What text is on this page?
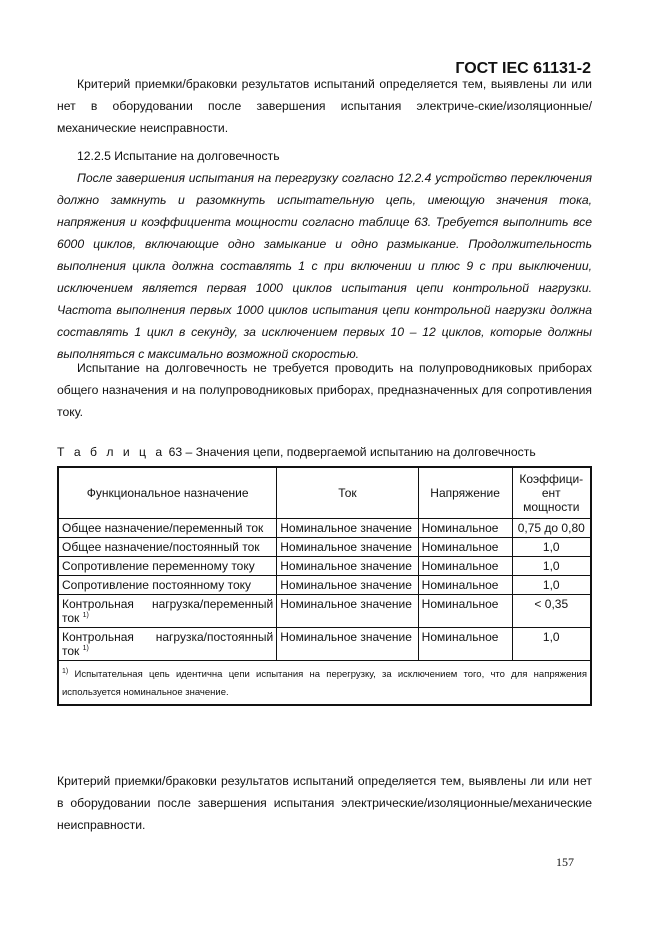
ГОСТ IEC 61131-2
Критерий приемки/браковки результатов испытаний определяется тем, выявлены ли или нет в оборудовании после завершения испытания электриче-ские/изоляционные/механические неисправности.
12.2.5 Испытание на долговечность
После завершения испытания на перегрузку согласно 12.2.4 устройство переключения должно замкнуть и разомкнуть испытательную цепь, имеющую значения тока, напряжения и коэффициента мощности согласно таблице 63. Требуется выполнить все 6000 циклов, включающие одно замыкание и одно размыкание. Продолжительность выполнения цикла должна составлять 1 с при включении и плюс 9 с при выключении, исключением является первая 1000 циклов испытания цепи контрольной нагрузки. Частота выполнения первых 1000 циклов испытания цепи контрольной нагрузки должна составлять 1 цикл в секунду, за исключением первых 10 – 12 циклов, которые должны выполняться с максимально возможной скоростью.
Испытание на долговечность не требуется проводить на полупроводниковых приборах общего назначения и на полупроводниковых приборах, предназначенных для сопротивления току.
Т а б л и ц а 63 – Значения цепи, подвергаемой испытанию на долговечность
Функциональное назначение	Ток	Напряжение	Коэффици-ент мощности
Общее назначение/переменный ток	Номинальное значение	Номинальное	0,75 до 0,80
Общее назначение/постоянный ток	Номинальное значение	Номинальное	1,0
Сопротивление переменному току	Номинальное значение	Номинальное	1,0
Сопротивление постоянному току	Номинальное значение	Номинальное	1,0
Контрольная нагрузка/переменный ток $^{1)}$	Номинальное значение	Номинальное	< 0,35
Контрольная нагрузка/постоянный ток $^{1)}$	Номинальное значение	Номинальное	1,0
$^{1)}$ Испытательная цепь идентична цепи испытания на перегрузку, за исключением того, что для напряжения используется номинальное значение.			
Критерий приемки/браковки результатов испытаний определяется тем, выявлены ли или нет в оборудовании после завершения испытания электрические/изоляционные/механические неисправности.
157
